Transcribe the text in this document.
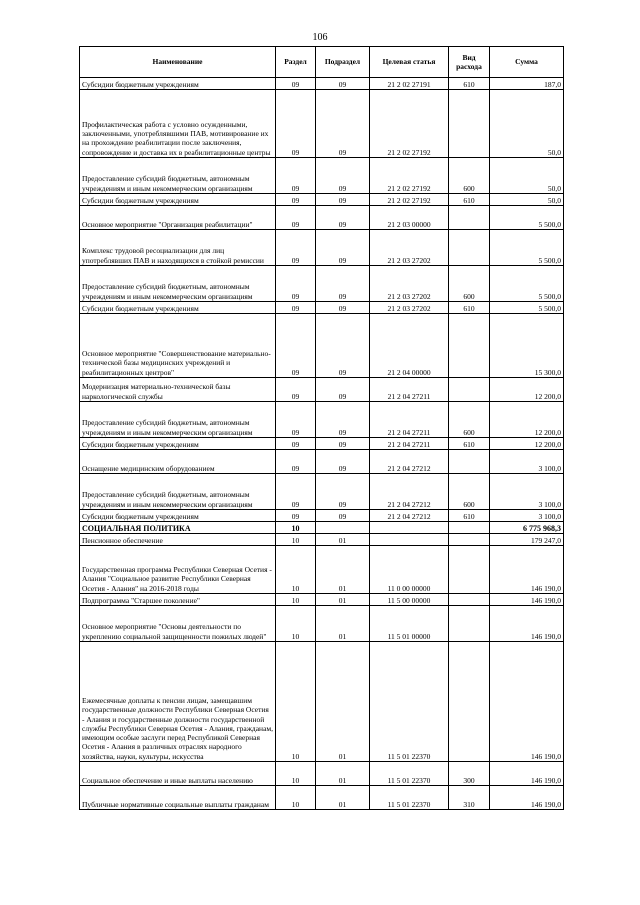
106
Наименование	Раздел	Подраздел	Целевая статья	Вид расхода	Сумма
Субсидии бюджетным учреждениям	09	09	21 2 02 27191	610	187,0
Профилактическая работа с условно осужденными, заключенными, употреблявшими ПАВ, мотивирование их на прохождение реабилитации после заключения, сопровождение и доставка их в реабилитационные центры	09	09	21 2 02 27192		50,0
Предоставление субсидий бюджетным, автономным учреждениям и иным некоммерческим организациям	09	09	21 2 02 27192	600	50,0
Субсидии бюджетным учреждениям	09	09	21 2 02 27192	610	50,0
Основное мероприятие "Организация реабилитации"	09	09	21 2 03 00000		5 500,0
Комплекс трудовой ресоциализации для лиц употреблявших ПАВ и находящихся в стойкой ремиссии	09	09	21 2 03 27202		5 500,0
Предоставление субсидий бюджетным, автономным учреждениям и иным некоммерческим организациям	09	09	21 2 03 27202	600	5 500,0
Субсидии бюджетным учреждениям	09	09	21 2 03 27202	610	5 500,0
Основное мероприятие "Совершенствование материально-технической базы медицинских учреждений и реабилитационных центров"	09	09	21 2 04 00000		15 300,0
Модернизация материально-технической базы наркологической службы	09	09	21 2 04 27211		12 200,0
Предоставление субсидий бюджетным, автономным учреждениям и иным некоммерческим организациям	09	09	21 2 04 27211	600	12 200,0
Субсидии бюджетным учреждениям	09	09	21 2 04 27211	610	12 200,0
Оснащение медицинским оборудованием	09	09	21 2 04 27212		3 100,0
Предоставление субсидий бюджетным, автономным учреждениям и иным некоммерческим организациям	09	09	21 2 04 27212	600	3 100,0
Субсидии бюджетным учреждениям	09	09	21 2 04 27212	610	3 100,0
СОЦИАЛЬНАЯ ПОЛИТИКА	10				6 775 968,3
Пенсионное обеспечение	10	01			179 247,0
Государственная программа Республики Северная Осетия - Алания "Социальное развитие Республики Северная Осетия - Алания" на 2016-2018 годы	10	01	11 0 00 00000		146 190,0
Подпрограмма "Старшее поколение"	10	01	11 5 00 00000		146 190,0
Основное мероприятие "Основы деятельности по укреплению социальной защищенности пожилых людей"	10	01	11 5 01 00000		146 190,0
Ежемесячные доплаты к пенсии лицам, замещавшим государственные должности Республики Северная Осетия - Алания и государственные должности государственной службы Республики Северная Осетия - Алания, гражданам, имеющим особые заслуги перед Республикой Северная Осетия - Алания в различных отраслях народного хозяйства, науки, культуры, искусства	10	01	11 5 01 22370		146 190,0
Социальное обеспечение и иные выплаты населению	10	01	11 5 01 22370	300	146 190,0
Публичные нормативные социальные выплаты гражданам	10	01	11 5 01 22370	310	146 190,0
